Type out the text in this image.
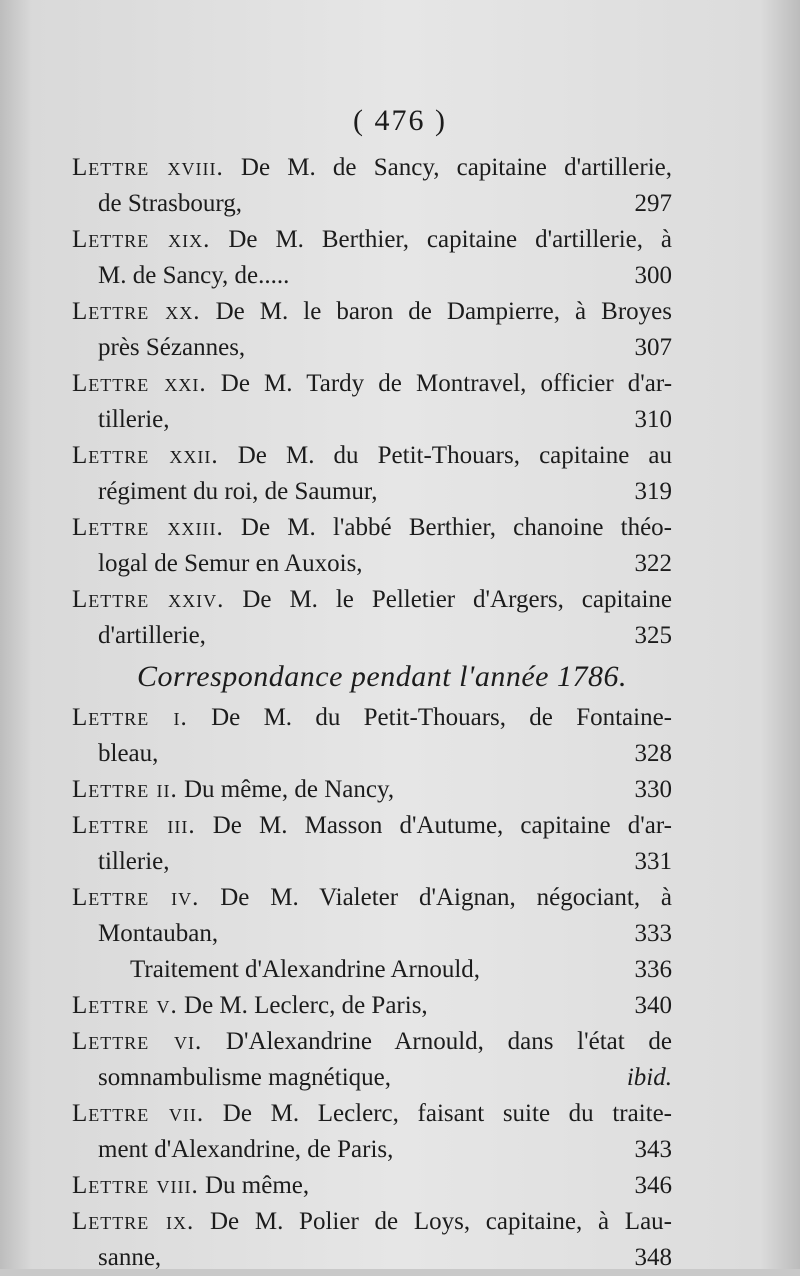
( 476 )
Lettre xviii. De M. de Sancy, capitaine d'artillerie,
de Strasbourg,	297
Lettre xix. De M. Berthier, capitaine d'artillerie, à
M. de Sancy, de.....	300
Lettre xx. De M. le baron de Dampierre, à Broyes
près Sézannes,	307
Lettre xxi. De M. Tardy de Montravel, officier d'ar-
tillerie,	310
Lettre xxii. De M. du Petit-Thouars, capitaine au
régiment du roi, de Saumur,	319
Lettre xxiii. De M. l'abbé Berthier, chanoine théo-
logal de Semur en Auxois,	322
Lettre xxiv. De M. le Pelletier d'Argers, capitaine
d'artillerie,	325
Correspondance pendant l'année 1786.
Lettre i. De M. du Petit-Thouars, de Fontaine-
bleau,	328
Lettre ii. Du même, de Nancy,	330
Lettre iii. De M. Masson d'Autume, capitaine d'ar-
tillerie,	331
Lettre iv. De M. Vialeter d'Aignan, négociant, à
Montauban,	333
Traitement d'Alexandrine Arnould,	336
Lettre v. De M. Leclerc, de Paris,	340
Lettre vi. D'Alexandrine Arnould, dans l'état de
somnambulisme magnétique,	ibid.
Lettre vii. De M. Leclerc, faisant suite du traite-
ment d'Alexandrine, de Paris,	343
Lettre viii. Du même,	346
Lettre ix. De M. Polier de Loys, capitaine, à Lau-
sanne,	348
